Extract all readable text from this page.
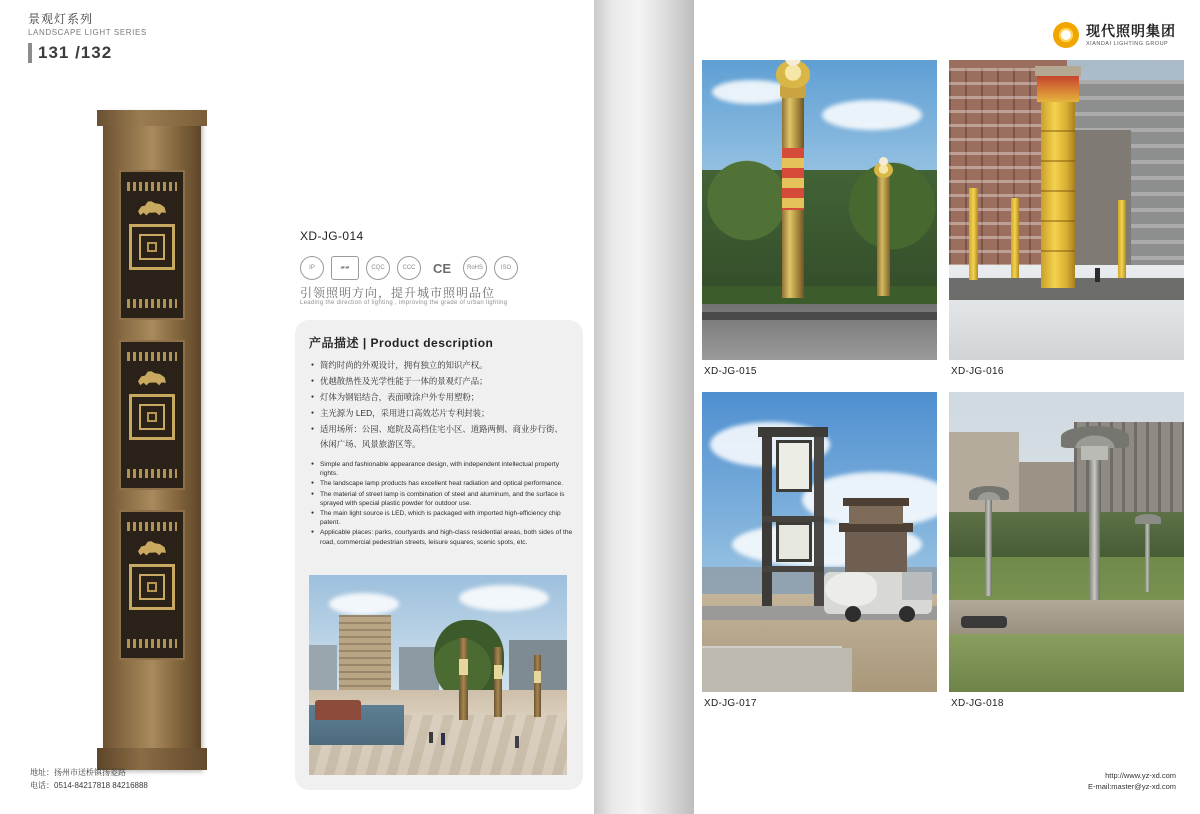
景观灯系列
LANDSCAPE LIGHT SERIES
131 /132
XD-JG-014
IP	▰▰	CQC	CCC	CE	RoHS	ISO
引领照明方向，提升城市照明品位
Leading the direction of lighting , improving the grade of urban lighting
产品描述 | Product description
● 简约时尚的外观设计，拥有独立的知识产权。
● 优越散热性及光学性能于一体的景观灯产品；
● 灯体为钢铝结合，表面喷涂户外专用塑粉；
● 主光源为 LED，采用进口高效芯片专利封装；
● 适用场所：公园、庭院及高档住宅小区、道路两侧、商业步行街、休闲广场、风景旅游区等。
● Simple and fashionable appearance design, with independent intellectual property rights.
● The landscape lamp products has excellent heat radiation and optical performance.
● The material of street lamp is combination of steel and aluminum, and the surface is sprayed with special plastic powder for outdoor use.
● The main light source is LED, which is packaged with imported high-efficiency chip patent.
● Applicable places: parks, courtyards and high-class residential areas, both sides of the road, commercial pedestrian streets, leisure squares, scenic spots, etc.
地址：扬州市送桥镇扬菱路
电话：0514-84217818 84216888
现代照明集团
XIANDAI LIGHTING GROUP
XD-JG-015	XD-JG-016
XD-JG-017	XD-JG-018
http://www.yz-xd.com
E-mail:master@yz-xd.com
